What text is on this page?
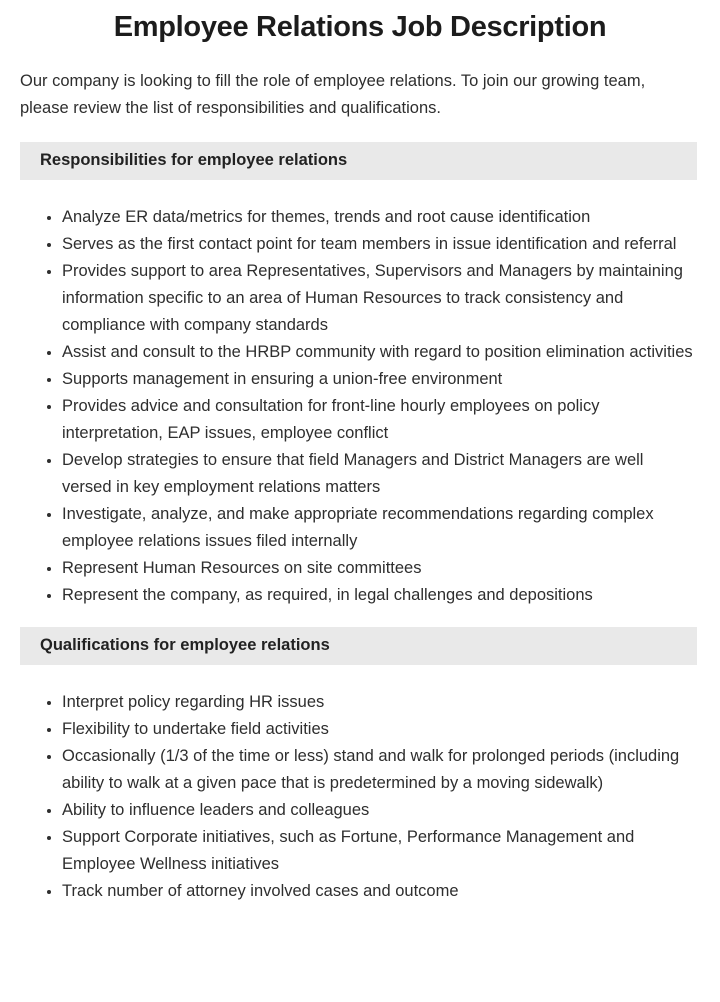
Employee Relations Job Description

Our company is looking to fill the role of employee relations. To join our growing team, please review the list of responsibilities and qualifications.

Responsibilities for employee relations
• Analyze ER data/metrics for themes, trends and root cause identification
• Serves as the first contact point for team members in issue identification and referral
• Provides support to area Representatives, Supervisors and Managers by maintaining information specific to an area of Human Resources to track consistency and compliance with company standards
• Assist and consult to the HRBP community with regard to position elimination activities
• Supports management in ensuring a union-free environment
• Provides advice and consultation for front-line hourly employees on policy interpretation, EAP issues, employee conflict
• Develop strategies to ensure that field Managers and District Managers are well versed in key employment relations matters
• Investigate, analyze, and make appropriate recommendations regarding complex employee relations issues filed internally
• Represent Human Resources on site committees
• Represent the company, as required, in legal challenges and depositions
Qualifications for employee relations
• Interpret policy regarding HR issues
• Flexibility to undertake field activities
• Occasionally (1/3 of the time or less) stand and walk for prolonged periods (including ability to walk at a given pace that is predetermined by a moving sidewalk)
• Ability to influence leaders and colleagues
• Support Corporate initiatives, such as Fortune, Performance Management and Employee Wellness initiatives
• Track number of attorney involved cases and outcome
